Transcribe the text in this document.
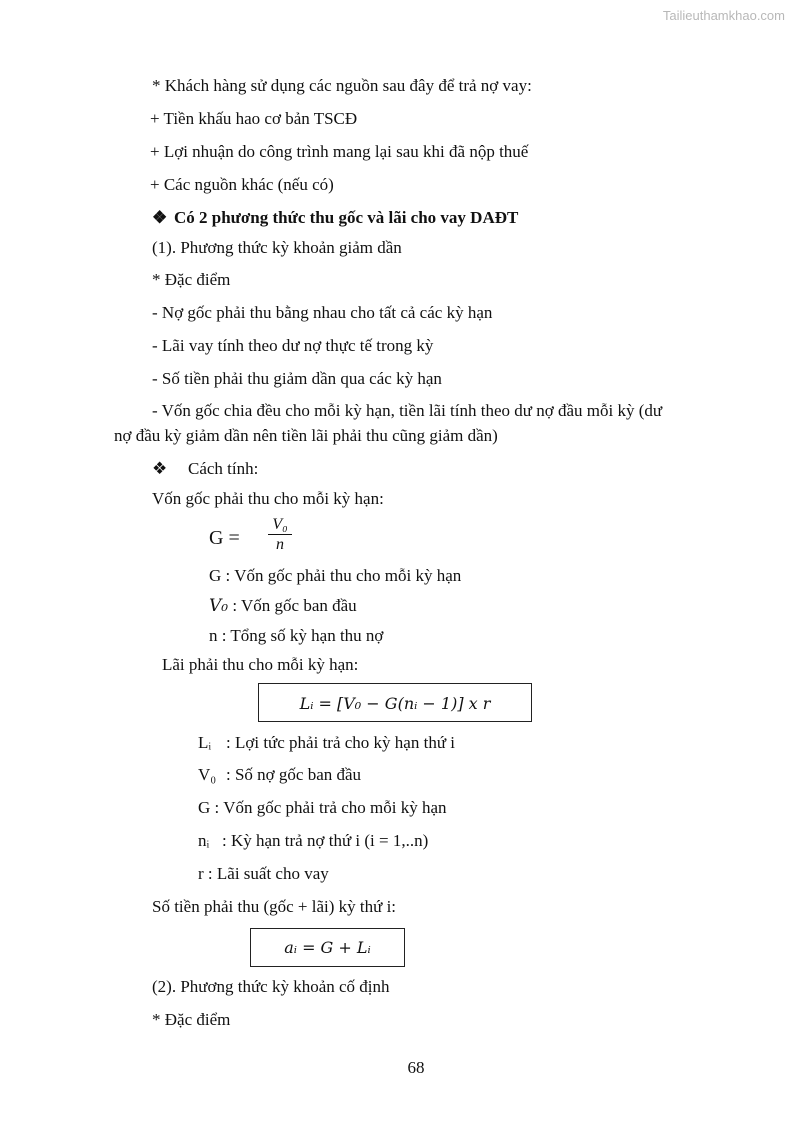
Tailieuthamkhao.com
* Khách hàng sử dụng các nguồn sau đây để trả nợ vay:
+ Tiền khấu hao cơ bản TSCĐ
+ Lợi nhuận do công trình mang lại sau khi đã nộp thuế
+ Các nguồn khác (nếu có)
❖ Có 2 phương thức thu gốc và lãi cho vay DAĐT
(1). Phương thức kỳ khoản giảm dần
* Đặc điểm
- Nợ gốc phải thu bằng nhau cho tất cả các kỳ hạn
- Lãi vay tính theo dư nợ thực tế trong kỳ
- Số tiền phải thu giảm dần qua các kỳ hạn
- Vốn gốc chia đều cho mỗi kỳ hạn, tiền lãi tính theo dư nợ đầu mỗi kỳ (dư
nợ đầu kỳ giảm dần nên tiền lãi phải thu cũng giảm dần)
❖ Cách tính:
Vốn gốc phải thu cho mỗi kỳ hạn:
$G = \frac{\text{V₀}}{n}$
G : Vốn gốc phải thu cho mỗi kỳ hạn
V₀ : Vốn gốc ban đầu
n : Tổng số kỳ hạn thu nợ
Lãi phải thu cho mỗi kỳ hạn:
Lᵢ = [V₀ − G(nᵢ − 1)] x r
Lᵢ : Lợi tức phải trả cho kỳ hạn thứ i
V₀ : Số nợ gốc ban đầu
G : Vốn gốc phải trả cho mỗi kỳ hạn
nᵢ : Kỳ hạn trả nợ thứ i (i = 1,..n)
r : Lãi suất cho vay
Số tiền phải thu (gốc + lãi) kỳ thứ i:
aᵢ = G + Lᵢ
(2). Phương thức kỳ khoản cố định
* Đặc điểm
68
